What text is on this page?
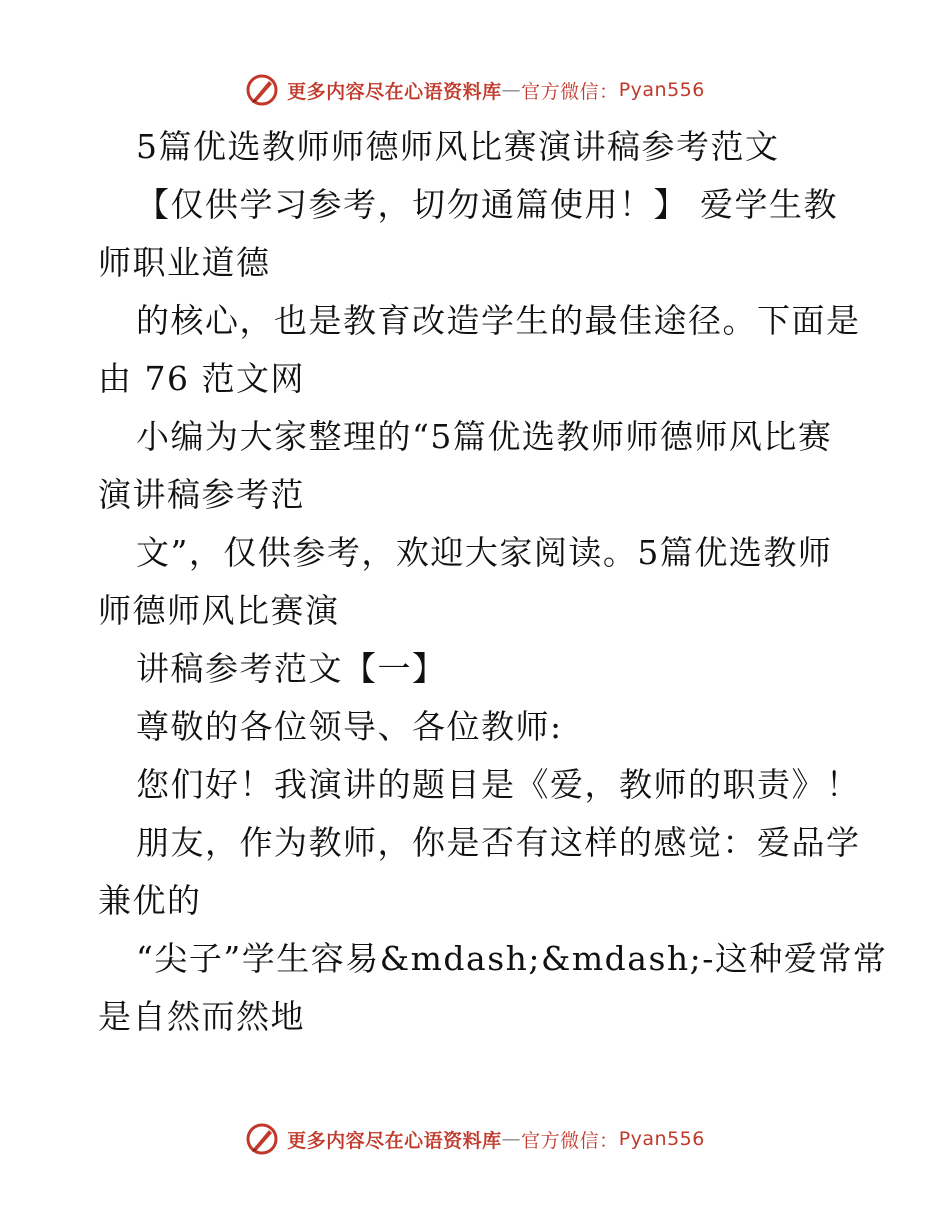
更多内容尽在心语资料库 — 官方微信： Pyan556
5篇优选教师师德师风比赛演讲稿参考范文
【仅供学习参考，切勿通篇使用！】 爱学生教
师职业道德
的核心，也是教育改造学生的最佳途径。下面是
由 76 范文网
小编为大家整理的“5篇优选教师师德师风比赛
演讲稿参考范
文”，仅供参考，欢迎大家阅读。5篇优选教师
师德师风比赛演
讲稿参考范文【一】
尊敬的各位领导、各位教师:
您们好！我演讲的题目是《爱，教师的职责》！
朋友，作为教师，你是否有这样的感觉：爱品学
兼优的
“尖子”学生容易&mdash;&mdash;-这种爱常常
是自然而然地
更多内容尽在心语资料库 — 官方微信： Pyan556
